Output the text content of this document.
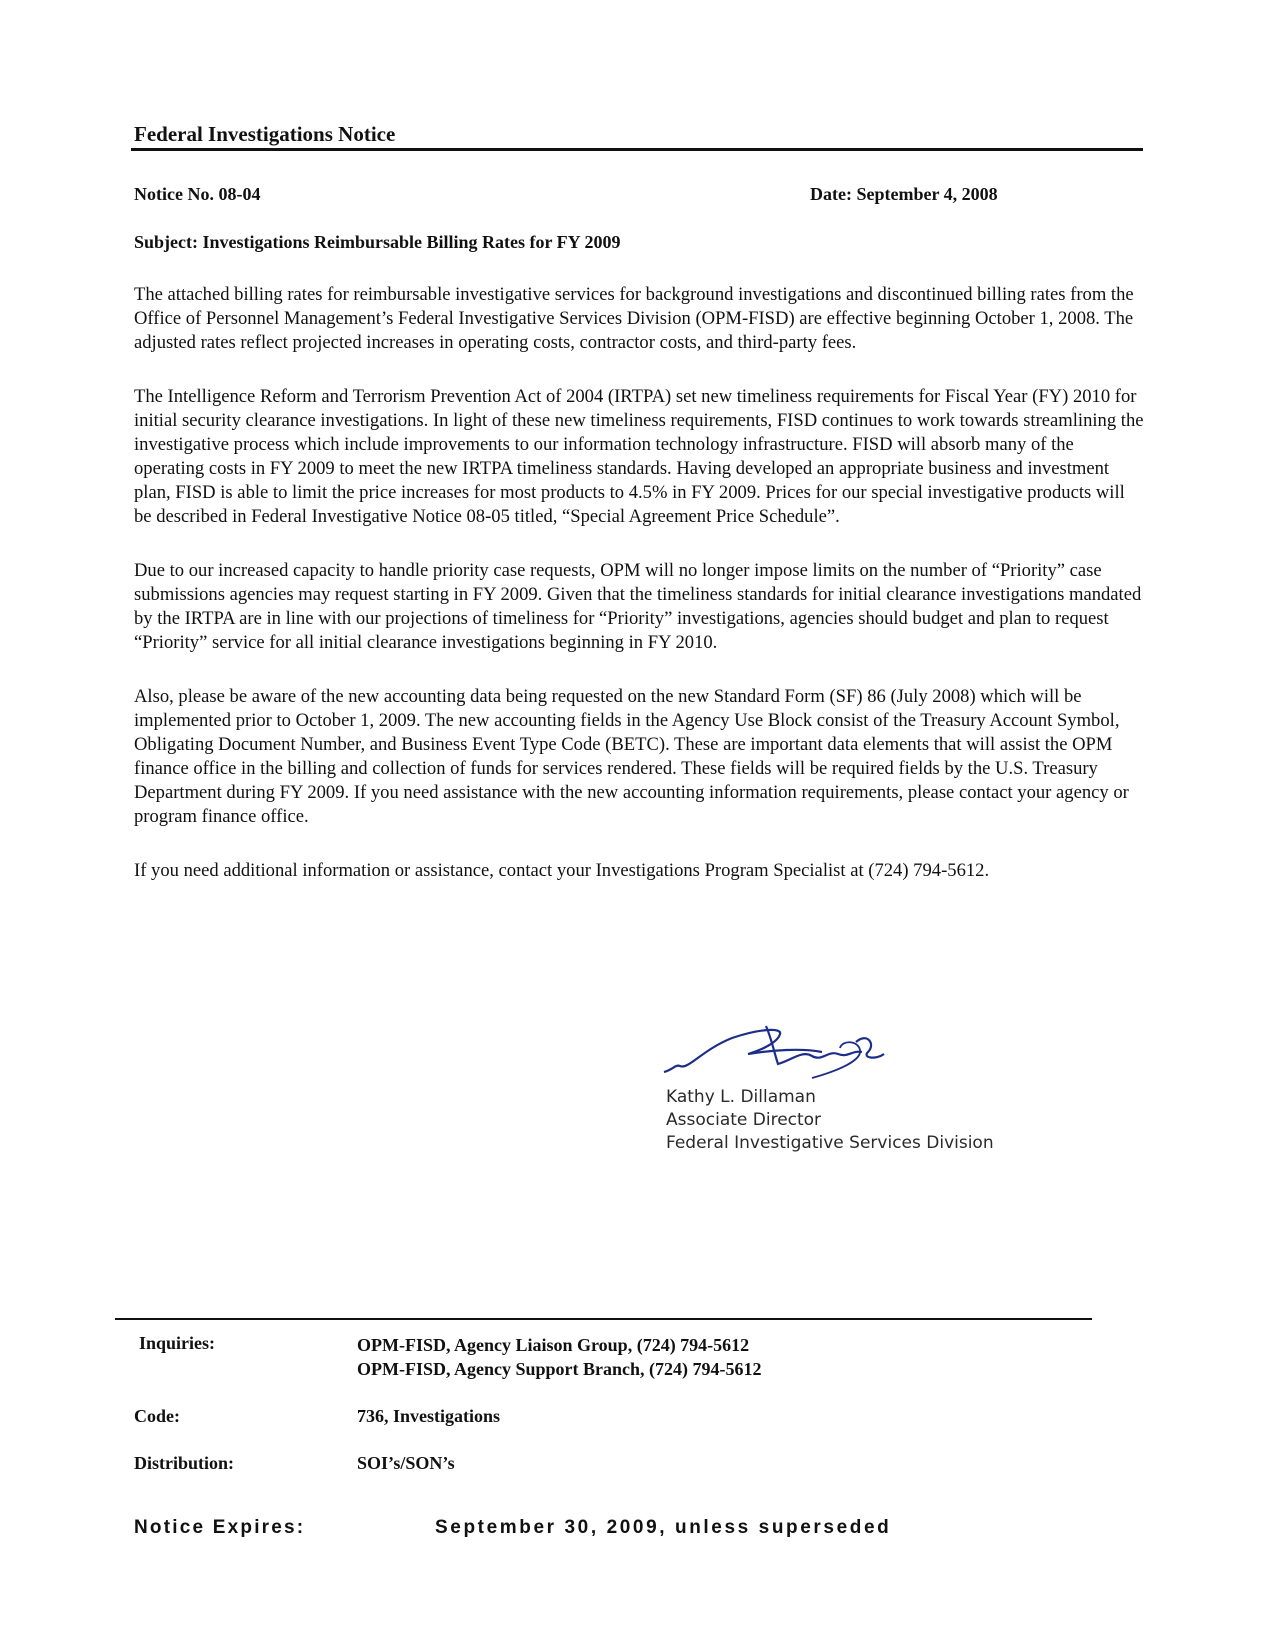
Federal Investigations Notice
Notice No. 08-04	Date: September 4, 2008
Subject: Investigations Reimbursable Billing Rates for FY 2009

The attached billing rates for reimbursable investigative services for background investigations and discontinued billing rates from the Office of Personnel Management’s Federal Investigative Services Division (OPM-FISD) are effective beginning October 1, 2008. The adjusted rates reflect projected increases in operating costs, contractor costs, and third-party fees.

The Intelligence Reform and Terrorism Prevention Act of 2004 (IRTPA) set new timeliness requirements for Fiscal Year (FY) 2010 for initial security clearance investigations. In light of these new timeliness requirements, FISD continues to work towards streamlining the investigative process which include improvements to our information technology infrastructure. FISD will absorb many of the operating costs in FY 2009 to meet the new IRTPA timeliness standards. Having developed an appropriate business and investment plan, FISD is able to limit the price increases for most products to 4.5% in FY 2009. Prices for our special investigative products will be described in Federal Investigative Notice 08-05 titled, “Special Agreement Price Schedule”.

Due to our increased capacity to handle priority case requests, OPM will no longer impose limits on the number of “Priority” case submissions agencies may request starting in FY 2009. Given that the timeliness standards for initial clearance investigations mandated by the IRTPA are in line with our projections of timeliness for “Priority” investigations, agencies should budget and plan to request “Priority” service for all initial clearance investigations beginning in FY 2010.

Also, please be aware of the new accounting data being requested on the new Standard Form (SF) 86 (July 2008) which will be implemented prior to October 1, 2009. The new accounting fields in the Agency Use Block consist of the Treasury Account Symbol, Obligating Document Number, and Business Event Type Code (BETC). These are important data elements that will assist the OPM finance office in the billing and collection of funds for services rendered. These fields will be required fields by the U.S. Treasury Department during FY 2009. If you need assistance with the new accounting information requirements, please contact your agency or program finance office.

If you need additional information or assistance, contact your Investigations Program Specialist at (724) 794-5612.

Kathy L. Dillaman
Associate Director
Federal Investigative Services Division
Inquiries:	OPM-FISD, Agency Liaison Group, (724) 794-5612
OPM-FISD, Agency Support Branch, (724) 794-5612
Code:	736, Investigations
Distribution:	SOI’s/SON’s
Notice Expires:	September 30, 2009, unless superseded
